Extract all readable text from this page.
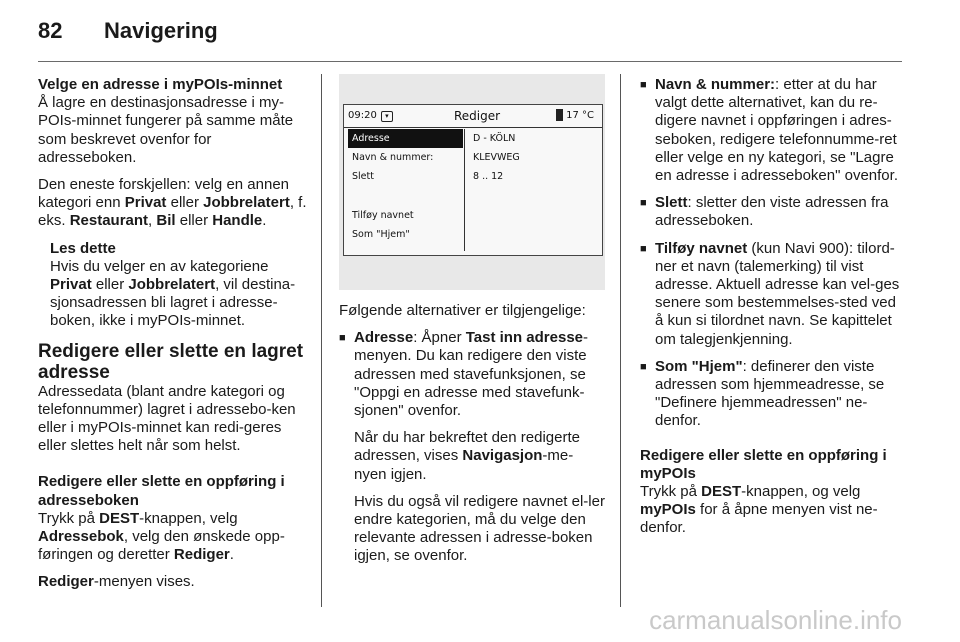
82	Navigering

Velge en adresse i myPOIs-minnet

Å lagre en destinasjonsadresse i my-POIs-minnet fungerer på samme måte som beskrevet ovenfor for adresseboken.

Den eneste forskjellen: velg en annen kategori enn Privat eller Jobbrelatert, f. eks. Restaurant, Bil eller Handle.

Les dette

Hvis du velger en av kategoriene Privat eller Jobbrelatert, vil destina-sjonsadressen bli lagret i adresse-boken, ikke i myPOIs-minnet.

Redigere eller slette en lagret adresse

Adressedata (blant andre kategori og telefonnummer) lagret i adressebo-ken eller i myPOIs-minnet kan redi-geres eller slettes helt når som helst.

Redigere eller slette en oppføring i adresseboken

Trykk på DEST-knappen, velg Adressebok, velg den ønskede opp-føringen og deretter Rediger.

Rediger-menyen vises.

09:20	▾	Rediger	17 °C
Adresse
Navn & nummer:
Slett
Tilføy navnet
Som "Hjem"
D - KÖLN
KLEVWEG
8 .. 12

Følgende alternativer er tilgjengelige:

■ Adresse: Åpner Tast inn adresse-menyen. Du kan redigere den viste adressen med stavefunksjonen, se "Oppgi en adresse med stavefunk-sjonen" ovenfor.

Når du har bekreftet den redigerte adressen, vises Navigasjon-me-nyen igjen.

Hvis du også vil redigere navnet el-ler endre kategorien, må du velge den relevante adressen i adresse-boken igjen, se ovenfor.

■ Navn & nummer:: etter at du har valgt dette alternativet, kan du re-digere navnet i oppføringen i adres-seboken, redigere telefonnumme-ret eller velge en ny kategori, se "Lagre en adresse i adresseboken" ovenfor.
■ Slett: sletter den viste adressen fra adresseboken.
■ Tilføy navnet (kun Navi 900): tilord-ner et navn (talemerking) til vist adresse. Aktuell adresse kan vel-ges senere som bestemmelses-sted ved å kun si tilordnet navn. Se kapittelet om talegjenkjenning.
■ Som "Hjem": definerer den viste adressen som hjemmeadresse, se "Definere hjemmeadressen" ne-denfor.

Redigere eller slette en oppføring i myPOIs

Trykk på DEST-knappen, og velg myPOIs for å åpne menyen vist ne-denfor.

carmanualsonline.info
